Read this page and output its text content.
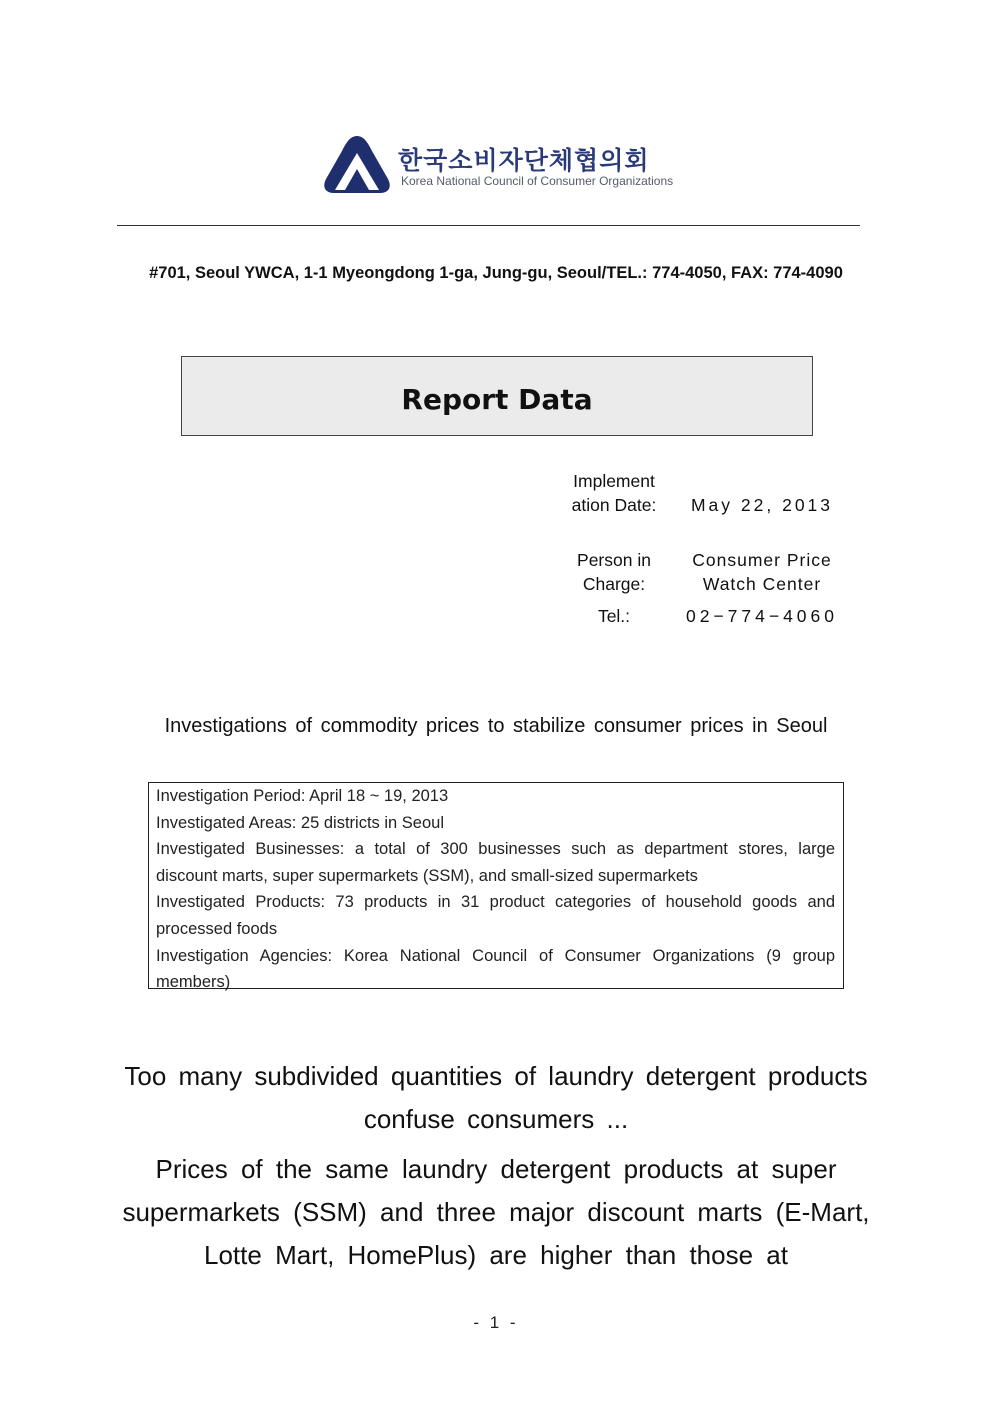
한국소비자단체협의회
Korea National Council of Consumer Organizations
#701, Seoul YWCA, 1-1 Myeongdong 1-ga, Jung-gu, Seoul/TEL.: 774-4050, FAX: 774-4090
Report Data
Implement ation Date:	May 22, 2013
Person in Charge:
Consumer Price Watch Center
Tel.:	02−774−4060
Investigations of commodity prices to stabilize consumer prices in Seoul
Investigation Period: April 18 ~ 19, 2013
Investigated Areas: 25 districts in Seoul
Investigated Businesses: a total of 300 businesses such as department stores, large discount marts, super supermarkets (SSM), and small-sized supermarkets
Investigated Products: 73 products in 31 product categories of household goods and processed foods
Investigation Agencies: Korea National Council of Consumer Organizations (9 group members)
Too many subdivided quantities of laundry detergent products confuse consumers ...
Prices of the same laundry detergent products at super supermarkets (SSM) and three major discount marts (E-Mart, Lotte Mart, HomePlus) are higher than those at
- 1 -
